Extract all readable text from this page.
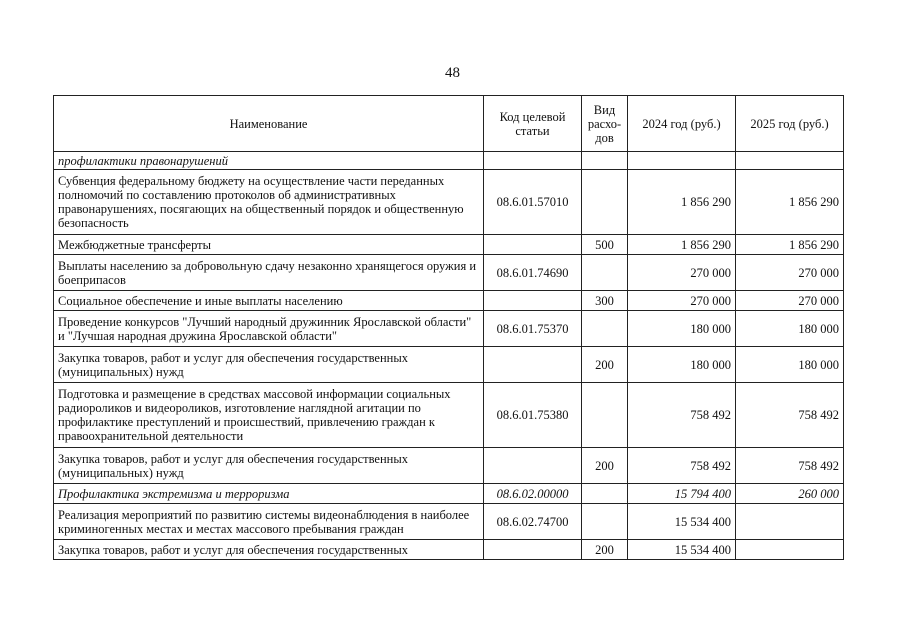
48
Наименование	Код целевой статьи	Вид расхо-дов	2024 год (руб.)	2025 год (руб.)
профилактики правонарушений				
Субвенция федеральному бюджету на осуществление части переданных полномочий по составлению протоколов об административных правонарушениях, посягающих на общественный порядок и общественную безопасность	08.6.01.57010		1 856 290	1 856 290
Межбюджетные трансферты		500	1 856 290	1 856 290
Выплаты населению за добровольную сдачу незаконно хранящегося оружия и боеприпасов	08.6.01.74690		270 000	270 000
Социальное обеспечение и иные выплаты населению		300	270 000	270 000
Проведение конкурсов "Лучший народный дружинник Ярославской области" и "Лучшая народная дружина Ярославской области"	08.6.01.75370		180 000	180 000
Закупка товаров, работ и услуг для обеспечения государственных (муниципальных) нужд		200	180 000	180 000
Подготовка и размещение в средствах массовой информации социальных радиороликов и видеороликов, изготовление наглядной агитации по профилактике преступлений и происшествий, привлечению граждан к правоохранительной деятельности	08.6.01.75380		758 492	758 492
Закупка товаров, работ и услуг для обеспечения государственных (муниципальных) нужд		200	758 492	758 492
Профилактика экстремизма и терроризма	08.6.02.00000		15 794 400	260 000
Реализация мероприятий по развитию системы видеонаблюдения в наиболее криминогенных местах и местах массового пребывания граждан	08.6.02.74700		15 534 400	
Закупка товаров, работ и услуг для обеспечения государственных		200	15 534 400	
